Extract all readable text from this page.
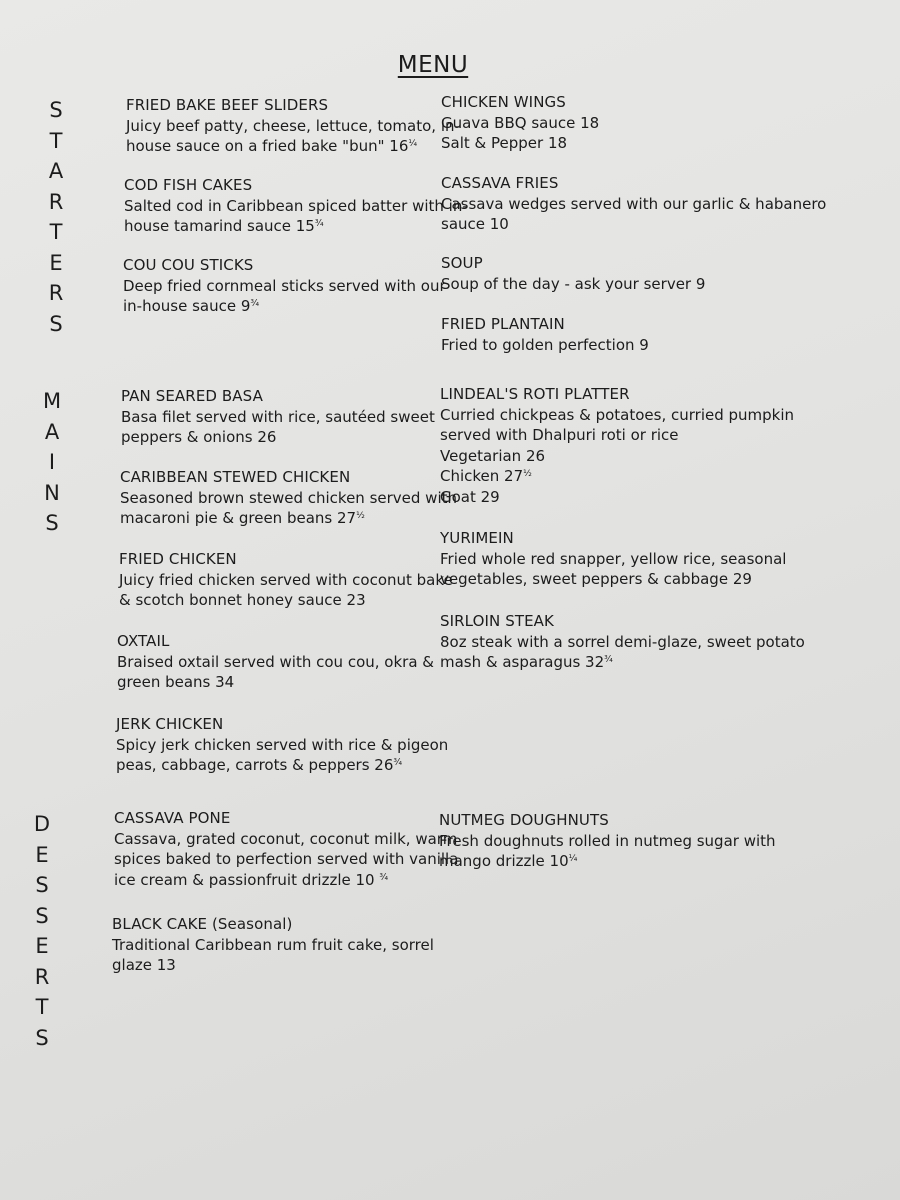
MENU
S
T
A
R
T
E
R
S
M
A
I
N
S
D
E
S
S
E
R
T
S
FRIED BAKE BEEF SLIDERS
Juicy beef patty, cheese, lettuce, tomato, in-
house sauce on a fried bake "bun" $16^{\frac{1}{4}}$
COD FISH CAKES
Salted cod in Caribbean spiced batter with in-
house tamarind sauce $15^{\frac{3}{4}}$
COU COU STICKS
Deep fried cornmeal sticks served with our
in-house sauce $9^{\frac{3}{4}}$
CHICKEN WINGS
Guava BBQ sauce 18
Salt & Pepper 18
CASSAVA FRIES
Cassava wedges served with our garlic & habanero
sauce 10
SOUP
Soup of the day - ask your server 9
FRIED PLANTAIN
Fried to golden perfection 9
PAN SEARED BASA
Basa filet served with rice, sautéed sweet
peppers & onions 26
CARIBBEAN STEWED CHICKEN
Seasoned brown stewed chicken served with
macaroni pie & green beans $27^{\frac{1}{2}}$
FRIED CHICKEN
Juicy fried chicken served with coconut bake
& scotch bonnet honey sauce 23
OXTAIL
Braised oxtail served with cou cou, okra &
green beans 34
JERK CHICKEN
Spicy jerk chicken served with rice & pigeon
peas, cabbage, carrots & peppers $26^{\frac{3}{4}}$
LINDEAL'S ROTI PLATTER
Curried chickpeas & potatoes, curried pumpkin
served with Dhalpuri roti or rice
Vegetarian 26
Chicken $27^{\frac{1}{2}}$
Goat 29
YURIMEIN
Fried whole red snapper, yellow rice, seasonal
vegetables, sweet peppers & cabbage 29
SIRLOIN STEAK
8oz steak with a sorrel demi-glaze, sweet potato
mash & asparagus $32^{\frac{3}{4}}$
CASSAVA PONE
Cassava, grated coconut, coconut milk, warm
spices baked to perfection served with vanilla
ice cream & passionfruit drizzle 10 $^{\frac{3}{4}}$
BLACK CAKE (Seasonal)
Traditional Caribbean rum fruit cake, sorrel
glaze 13
NUTMEG DOUGHNUTS
Fresh doughnuts rolled in nutmeg sugar with
mango drizzle $10^{\frac{1}{4}}$
